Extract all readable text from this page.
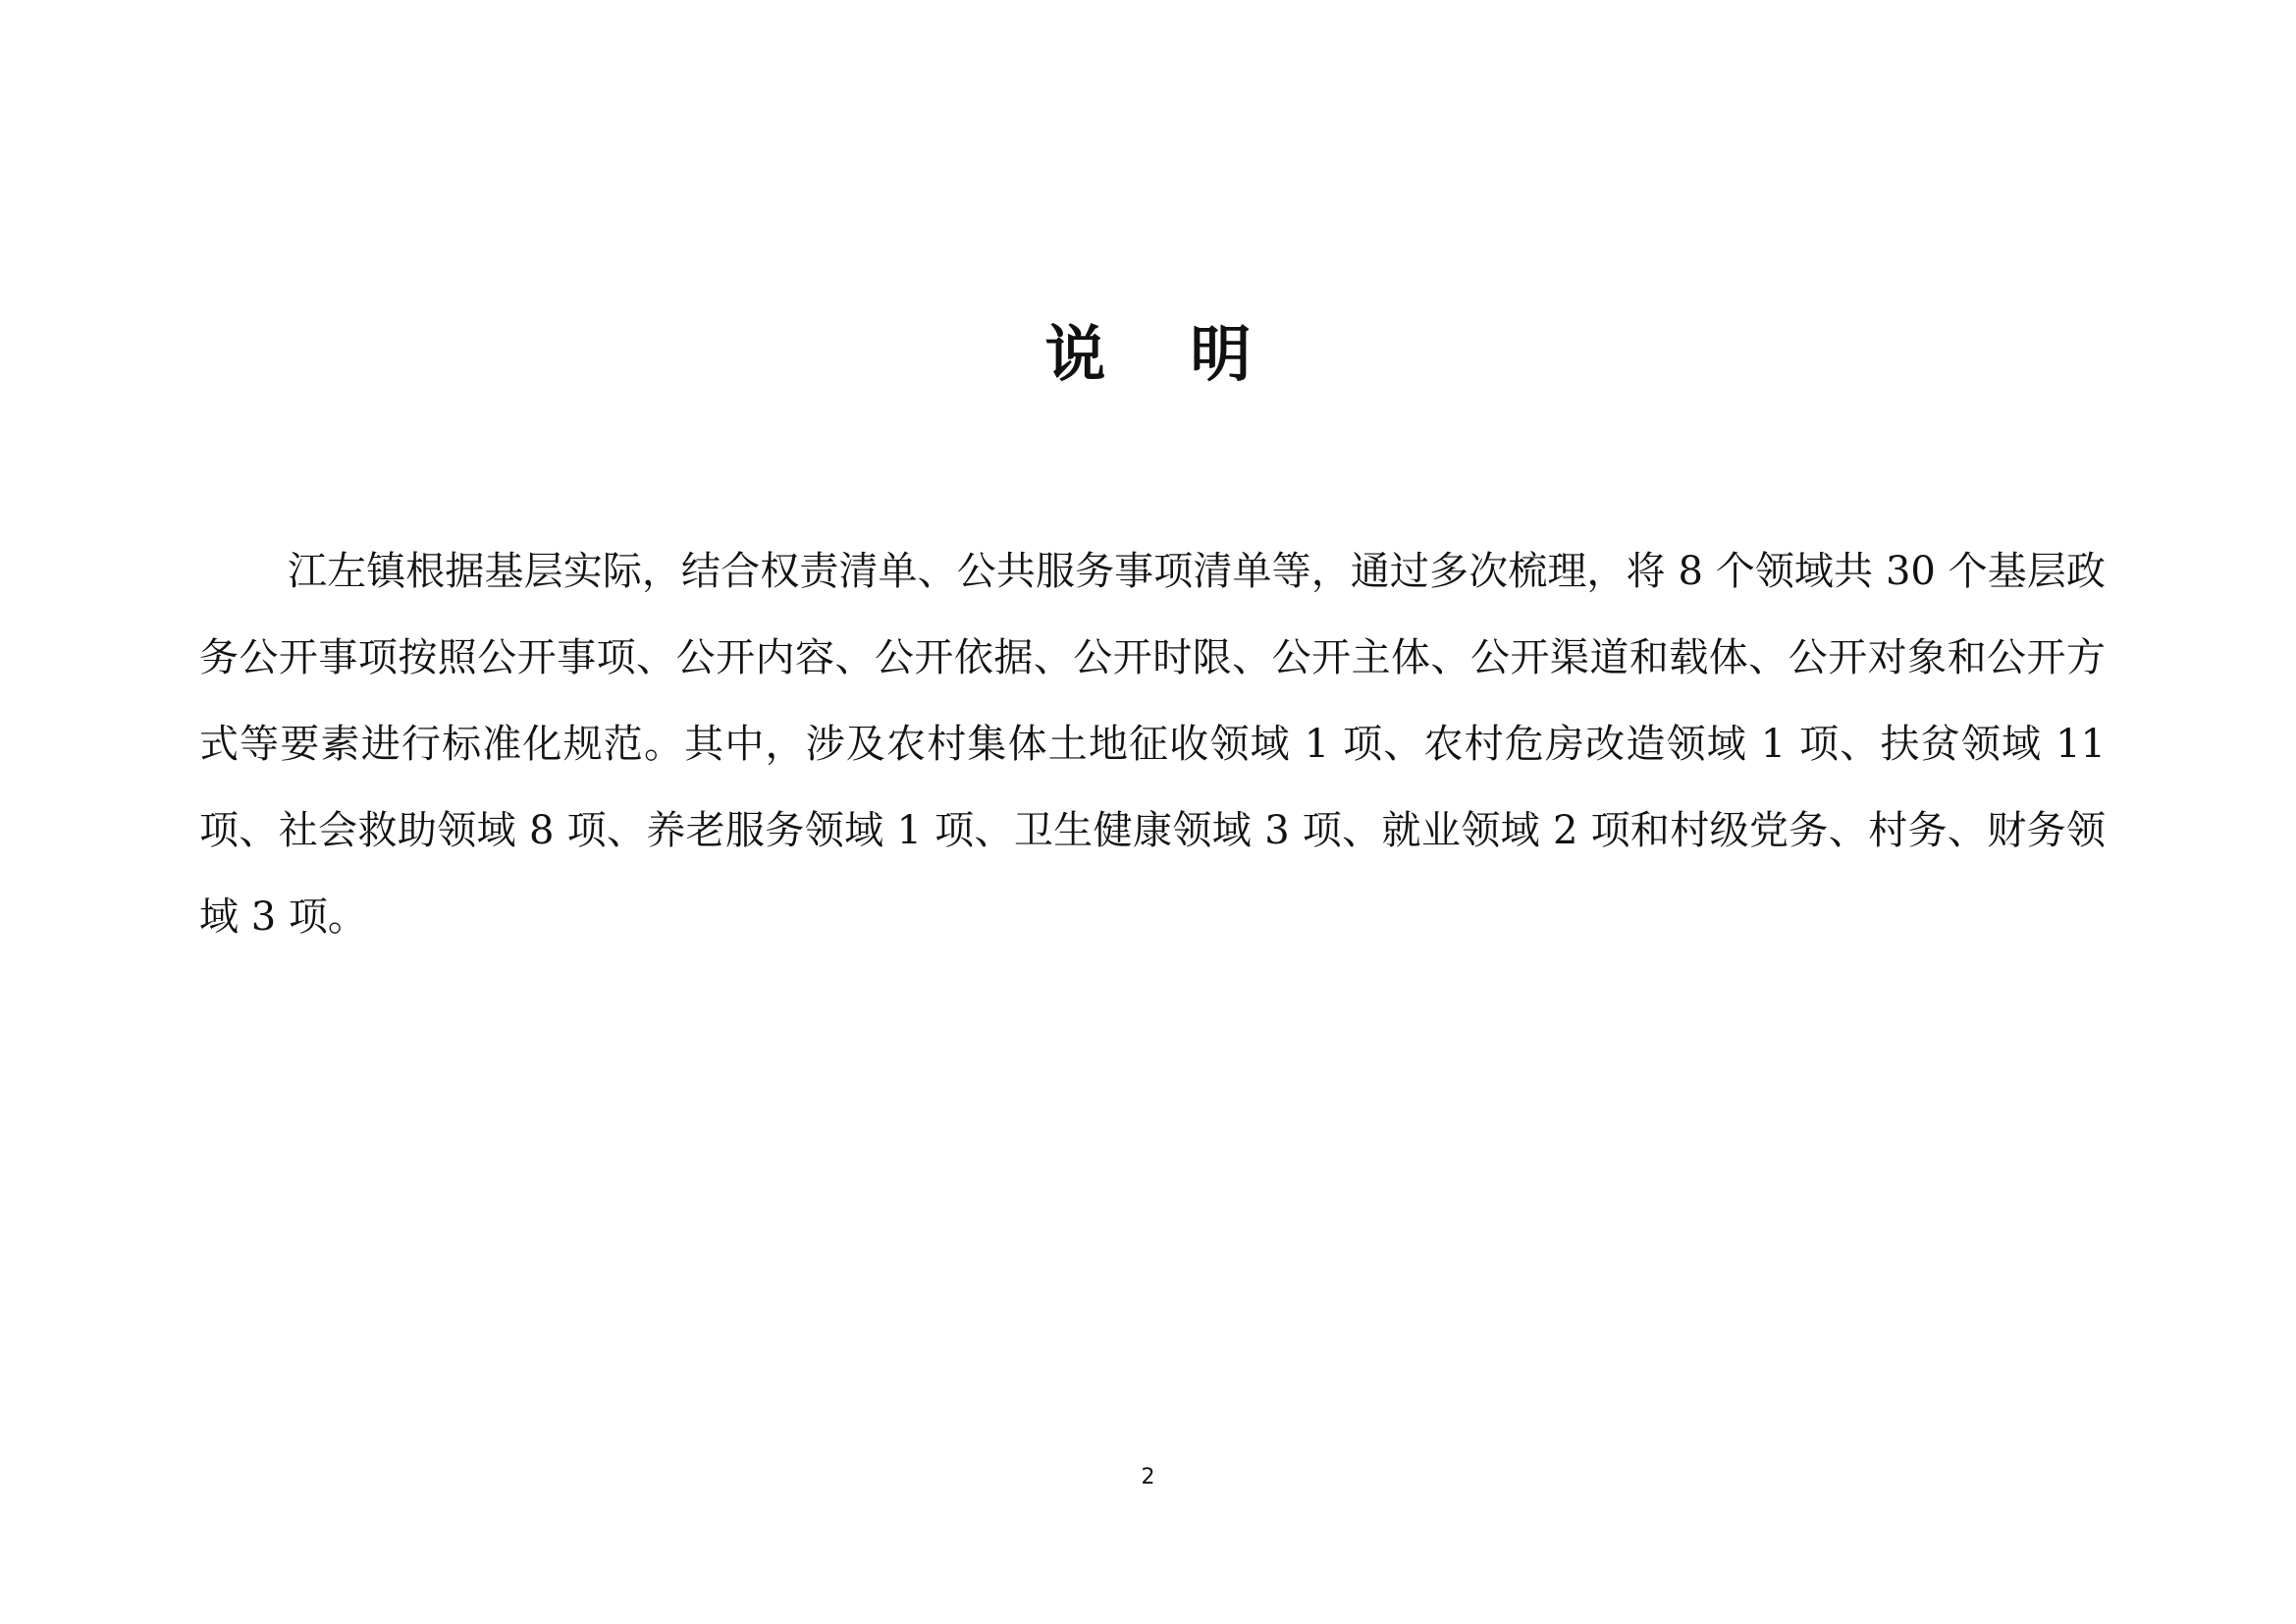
说 明

江左镇根据基层实际，结合权责清单、公共服务事项清单等，通过多次梳理，将 8 个领域共 30 个基层政务公开事项按照公开事项、公开内容、公开依据、公开时限、公开主体、公开渠道和载体、公开对象和公开方式等要素进行标准化规范。其中，涉及农村集体土地征收领域 1 项、农村危房改造领域 1 项、扶贫领域 11 项、社会救助领域 8 项、养老服务领域 1 项、卫生健康领域 3 项、就业领域 2 项和村级党务、村务、财务领域 3 项。

2
